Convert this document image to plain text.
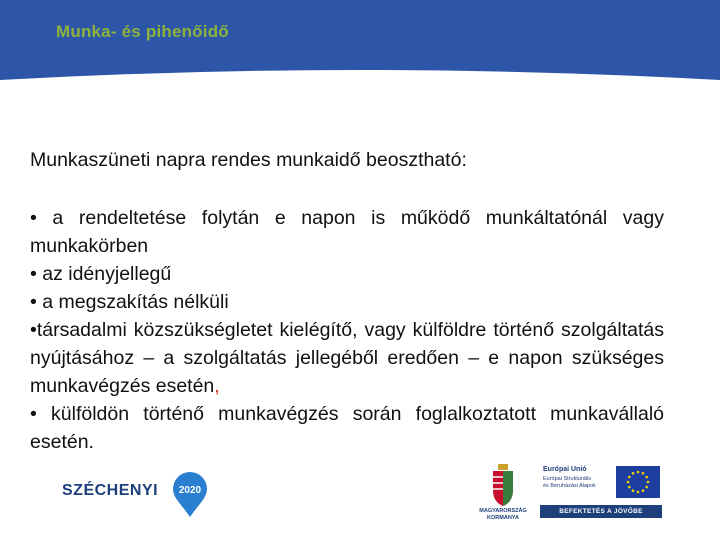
Munka- és pihenőidő

Munkaszüneti napra rendes munkaidő beosztható:

• a rendeltetése folytán e napon is működő munkáltatónál vagy munkakörben

• az idényjellegű

• a megszakítás nélküli

•társadalmi közszükségletet kielégítő, vagy külföldre történő szolgáltatás nyújtásához – a szolgáltatás jellegéből eredően – e napon szükséges munkavégzés esetén,

• külföldön történő munkavégzés során foglalkoztatott munkavállaló esetén.

SZÉCHENYI 2020
MAGYARORSZÁG
KORMÁNYA
Európai Unió
Európai Strukturális
és Beruházási Alapok
BEFEKTETÉS A JÖVŐBE
